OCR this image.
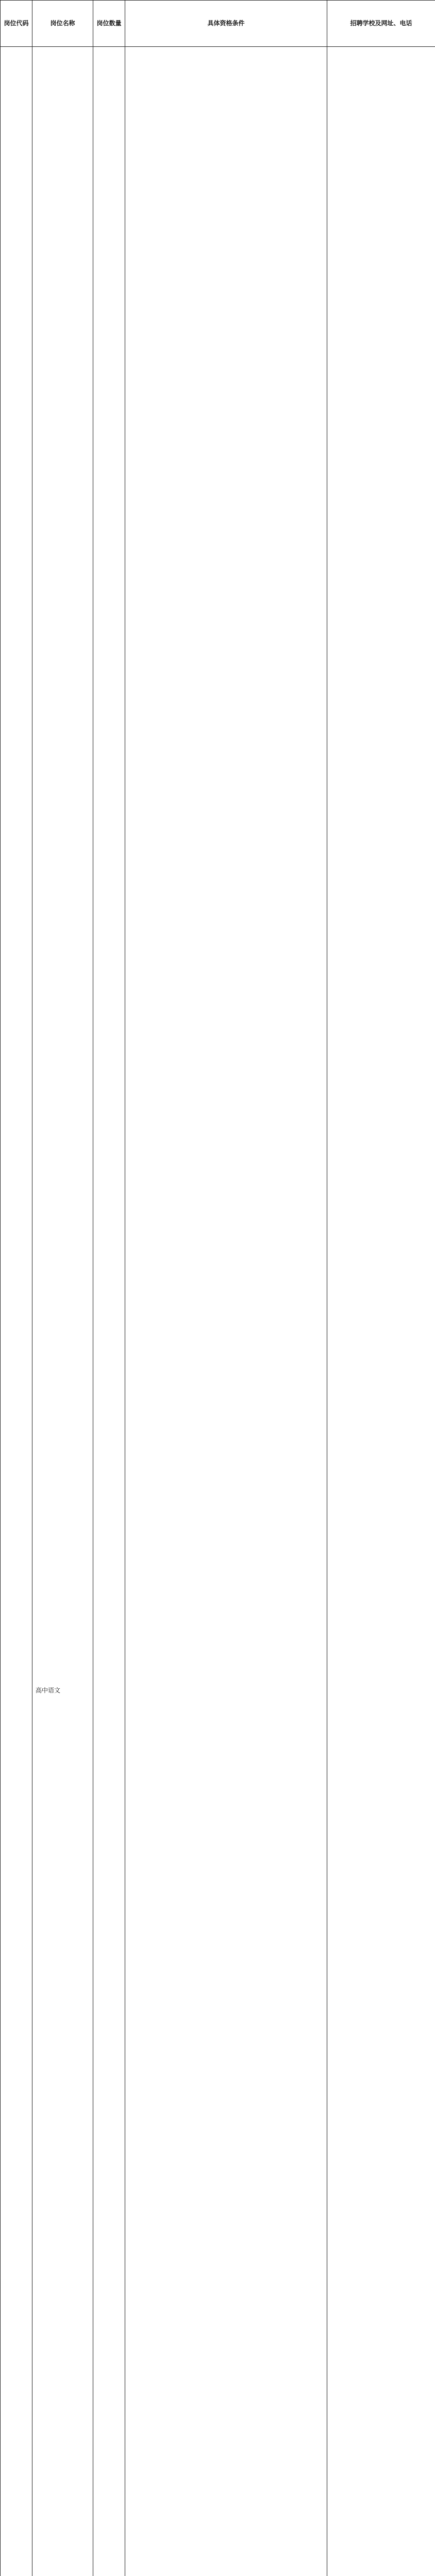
岗位代码	岗位名称	岗位数量	具体资格条件	招聘学校及网址、电话
	高中语文			
